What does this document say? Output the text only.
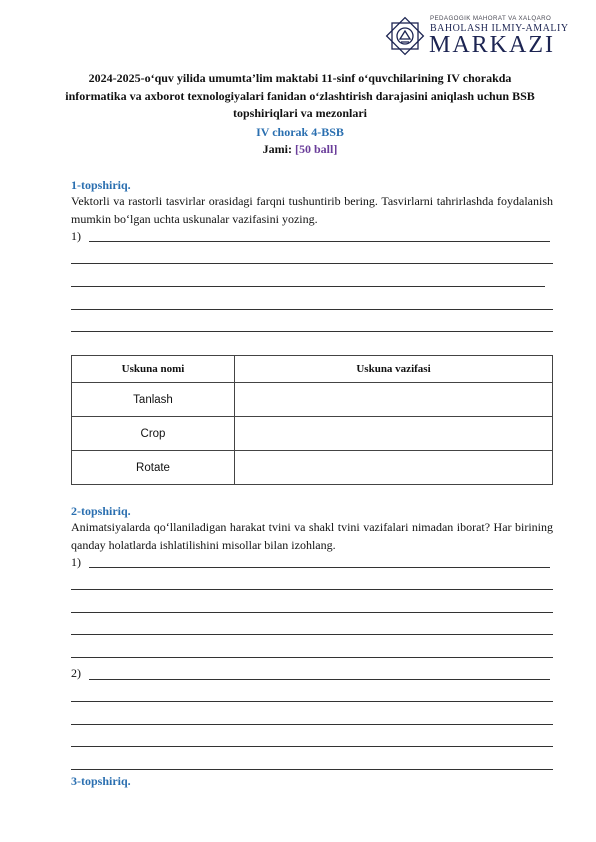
PEDAGOGIK MAHORAT VA XALQARO
BAHOLASH ILMIY-AMALIY
MARKAZI
2024-2025-o‘quv yilida umumta’lim maktabi 11-sinf o‘quvchilarining IV chorakda informatika va axborot texnologiyalari fanidan o‘zlashtirish darajasini aniqlash uchun BSB topshiriqlari va mezonlari
IV chorak 4-BSB
Jami: [50 ball]
1-topshiriq.
Vektorli va rastorli tasvirlar orasidagi farqni tushuntirib bering. Tasvirlarni tahrirlashda foydalanish mumkin bo‘lgan uchta uskunalar vazifasini yozing.
1)
Uskuna nomi	Uskuna vazifasi
Tanlash	
Crop	
Rotate	
2-topshiriq.
Animatsiyalarda qo‘llaniladigan harakat tvini va shakl tvini vazifalari nimadan iborat? Har birining qanday holatlarda ishlatilishini misollar bilan izohlang.
1)
2)
3-topshiriq.
